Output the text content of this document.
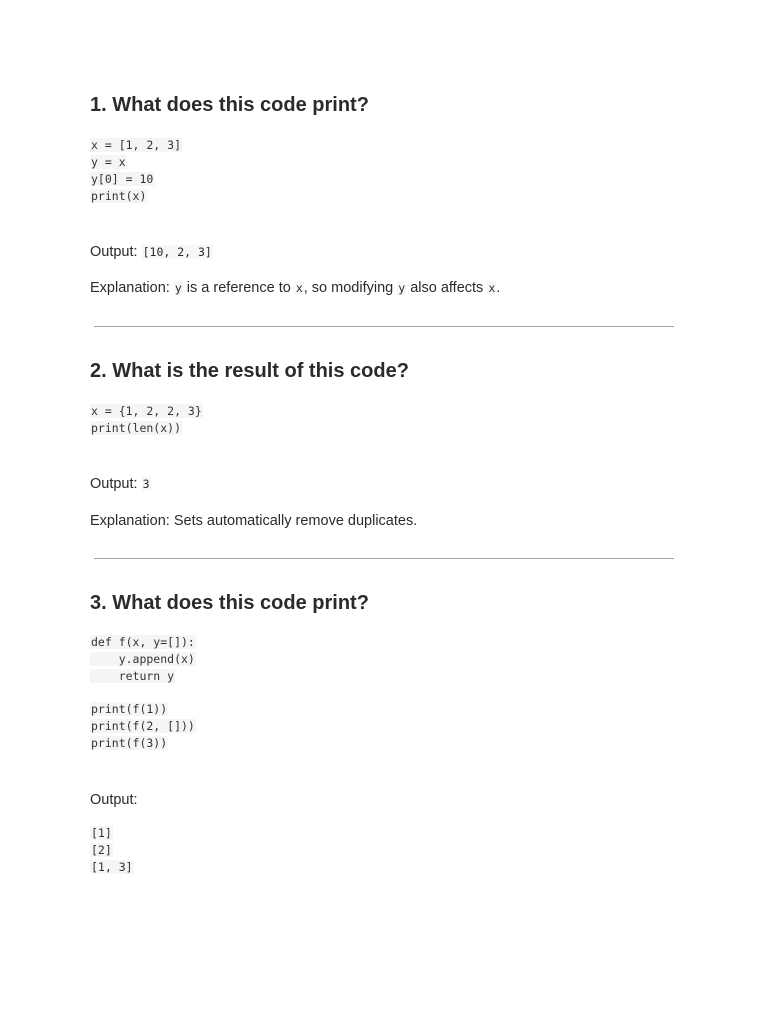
1. What does this code print?
x = [1, 2, 3]
y = x
y[0] = 10
print(x)

Output: [10, 2, 3]

Explanation: y is a reference to x, so modifying y also affects x.

2. What is the result of this code?
x = {1, 2, 2, 3}
print(len(x))

Output: 3

Explanation: Sets automatically remove duplicates.

3. What does this code print?
def f(x, y=[]):
y.append(x)
return y
print(f(1))
print(f(2, []))
print(f(3))

Output:

[1]
[2]
[1, 3]
